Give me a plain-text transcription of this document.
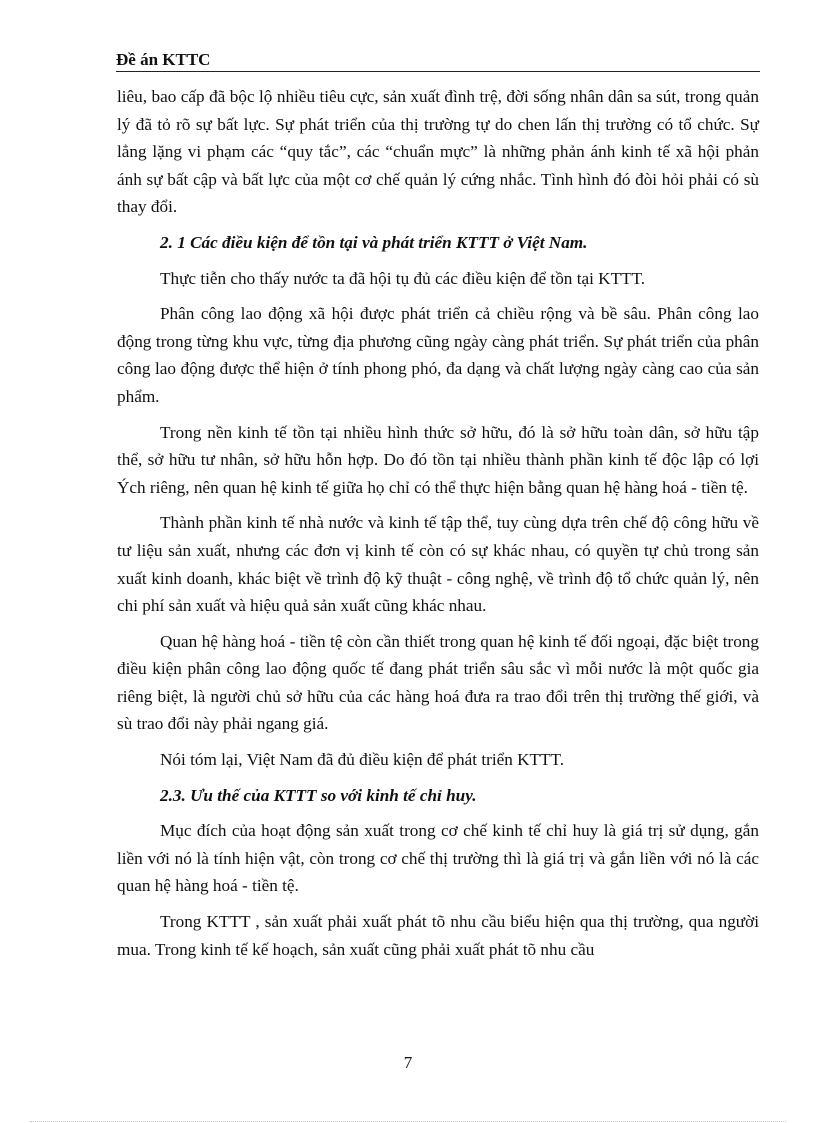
Đề án KTTC

liêu, bao cấp đã bộc lộ nhiều tiêu cực, sản xuất đình trệ, đời sống nhân dân sa sút, trong quản lý đã tỏ rõ sự bất lực. Sự phát triển của thị trường tự do chen lấn thị trường có tổ chức. Sự lẳng lặng vi phạm các “quy tắc”, các “chuẩn mực” là những phản ánh kinh tế xã hội phản ánh sự bất cập và bất lực của một cơ chế quản lý cứng nhắc. Tình hình đó đòi hỏi phải có sù thay đổi.

2. 1 Các điều kiện để tồn tại và phát triển KTTT ở Việt Nam.

Thực tiễn cho thấy nước ta đã hội tụ đủ các điều kiện để tồn tại KTTT.

Phân công lao động xã hội được phát triển cả chiều rộng và bề sâu. Phân công lao động trong từng khu vực, từng địa phương cũng ngày càng phát triển. Sự phát triển của phân công lao động được thể hiện ở tính phong phó, đa dạng và chất lượng ngày càng cao của sản phẩm.

Trong nền kinh tế tồn tại nhiều hình thức sở hữu, đó là sở hữu toàn dân, sở hữu tập thể, sở hữu tư nhân, sở hữu hỗn hợp. Do đó tồn tại nhiều thành phần kinh tế độc lập có lợi Ých riêng, nên quan hệ kinh tế giữa họ chỉ có thể thực hiện bằng quan hệ hàng hoá - tiền tệ.

Thành phần kinh tế nhà nước và kinh tế tập thể, tuy cùng dựa trên chế độ công hữu về tư liệu sản xuất, nhưng các đơn vị kinh tế còn có sự khác nhau, có quyền tự chủ trong sản xuất kinh doanh, khác biệt về trình độ kỹ thuật - công nghệ, về trình độ tổ chức quản lý, nên chi phí sản xuất và hiệu quả sản xuất cũng khác nhau.

Quan hệ hàng hoá - tiền tệ còn cần thiết trong quan hệ kinh tế đối ngoại, đặc biệt trong điều kiện phân công lao động quốc tế đang phát triển sâu sắc vì mỗi nước là một quốc gia riêng biệt, là người chủ sở hữu của các hàng hoá đưa ra trao đổi trên thị trường thế giới, và sù trao đổi này phải ngang giá.

Nói tóm lại, Việt Nam đã đủ điều kiện để phát triển KTTT.

2.3. Ưu thế của KTTT so với kinh tế chỉ huy.

Mục đích của hoạt động sản xuất trong cơ chế kinh tế chỉ huy là giá trị sử dụng, gắn liền với nó là tính hiện vật, còn trong cơ chế thị trường thì là giá trị và gắn liền với nó là các quan hệ hàng hoá - tiền tệ.

Trong KTTT , sản xuất phải xuất phát tõ nhu cầu biểu hiện qua thị trường, qua người mua. Trong kinh tế kế hoạch, sản xuất cũng phải xuất phát tõ nhu cầu

7
